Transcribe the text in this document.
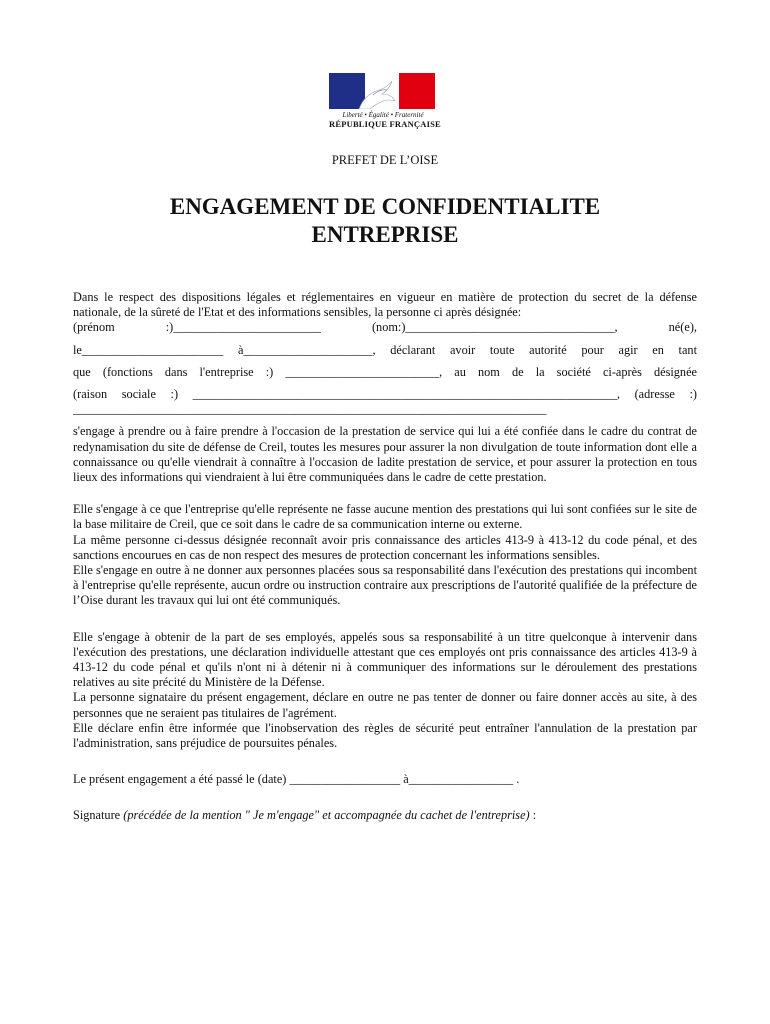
Liberté • Égalité • Fraternité
RÉPUBLIQUE FRANÇAISE
PREFET DE L’OISE
ENGAGEMENT DE CONFIDENTIALITE
ENTREPRISE

Dans le respect des dispositions légales et réglementaires en vigueur en matière de protection du secret de la défense nationale, de la sûreté de l'Etat et des informations sensibles, la personne ci après désignée:

(prénom :)________________________	(nom:)__________________________________,	né(e),

le_______________________ à_____________________, déclarant avoir toute autorité pour agir en tant

que (fonctions dans l'entreprise :) _________________________, au nom de la société ci-après désignée

(raison sociale :) _____________________________________________________________________, (adresse :)

_____________________________________________________________________________

s'engage à prendre ou à faire prendre à l'occasion de la prestation de service qui lui a été confiée dans le cadre du contrat de redynamisation du site de défense de Creil, toutes les mesures pour assurer la non divulgation de toute information dont elle a connaissance ou qu'elle viendrait à connaître à l'occasion de ladite prestation de service, et pour assurer la protection en tous lieux des informations qui viendraient à lui être communiquées dans le cadre de cette prestation.

Elle s'engage à ce que l'entreprise qu'elle représente ne fasse aucune mention des prestations qui lui sont confiées sur le site de la base militaire de Creil, que ce soit dans le cadre de sa communication interne ou externe.

La même personne ci-dessus désignée reconnaît avoir pris connaissance des articles 413-9 à 413-12 du code pénal, et des sanctions encourues en cas de non respect des mesures de protection concernant les informations sensibles.

Elle s'engage en outre à ne donner aux personnes placées sous sa responsabilité dans l'exécution des prestations qui incombent à l'entreprise qu'elle représente, aucun ordre ou instruction contraire aux prescriptions de l'autorité qualifiée de la préfecture de l’Oise durant les travaux qui lui ont été communiqués.

Elle s'engage à obtenir de la part de ses employés, appelés sous sa responsabilité à un titre quelconque à intervenir dans l'exécution des prestations, une déclaration individuelle attestant que ces employés ont pris connaissance des articles 413-9 à 413-12 du code pénal et qu'ils n'ont ni à détenir ni à communiquer des informations sur le déroulement des prestations relatives au site précité du Ministère de la Défense.

La personne signataire du présent engagement, déclare en outre ne pas tenter de donner ou faire donner accès au site, à des personnes que ne seraient pas titulaires de l'agrément.

Elle déclare enfin être informée que l'inobservation des règles de sécurité peut entraîner l'annulation de la prestation par l'administration, sans préjudice de poursuites pénales.

Le présent engagement a été passé le (date) __________________ à_________________ .

Signature (précédée de la mention " Je m'engage" et accompagnée du cachet de l'entreprise) :
